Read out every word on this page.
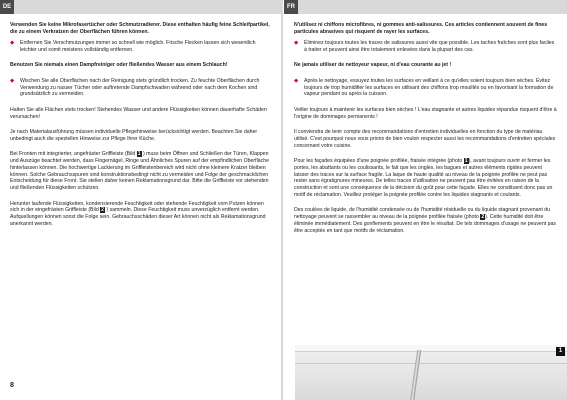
DE

Verwenden Sie keine Mikrofasertücher oder Schmutzradierer. Diese enthalten häufig feine Schleifpartikel, die zu einem Verkratzen der Oberflächen führen können.

◆ Entfernen Sie Verschmutzungen immer so schnell wie möglich. Frische Flecken lassen sich wesentlich leichter und somit meistens vollständig entfernen.

Benutzen Sie niemals einen Dampfreiniger oder fließendes Wasser aus einem Schlauch!

◆ Wischen Sie alle Oberflächen nach der Reinigung stets gründlich trocken. Zu feuchte Oberflächen durch Verwendung zu nasser Tücher oder auftretende Dampfschwaden während oder nach dem Kochen sind grundsätzlich zu vermeiden.

Halten Sie alle Flächen stets trocken! Stehendes Wasser und andere Flüssigkeiten können dauerhafte Schäden verursachen!

Je nach Materialausführung müssen individuelle Pflegehinweise berücksichtigt werden. Beachten Sie daher unbedingt auch die speziellen Hinweise zur Pflege Ihrer Küche.

Bei Fronten mit integrierter, angefräster Griffleiste (Bild 1 ) muss beim Öffnen und Schließen der Türen, Klappen und Auszüge beachtet werden, dass Fingernägel, Ringe und Ähnliches Spuren auf der empfindlichen Oberfläche hinterlassen können. Die hochwertige Lackierung im Griffleistenbereich wird nicht ohne kleinere Kratzer bleiben können. Solche Gebrauchsspuren sind konstruktionsbedingt nicht zu vermeiden und Folge der geschmacklichen Entscheidung für diese Front. Sie stellen daher keinen Reklamationsgrund dar. Bitte die Griffleiste vor stehenden und fließenden Flüssigkeiten schützen.

Herunter laufende Flüssigkeiten, kondensierende Feuchtigkeit oder stehende Feuchtigkeit vom Putzen können sich in der eingefrästen Griffleiste (Bild 2 ) sammeln. Diese Feuchtigkeit muss unverzüglich entfernt werden. Aufquellungen können sonst die Folge sein. Gebrauchsschäden dieser Art können nicht als Reklamationsgrund anerkannt werden.

8
FR

N'utilisez ni chiffons microfibres, ni gommes anti-salissures. Ces articles contiennent souvent de fines particules abrasives qui risquent de rayer les surfaces.

◆ Éliminez toujours toutes les traces de salissures aussi vite que possible. Les taches fraîches sont plus faciles à traiter et peuvent ainsi être totalement enlevées dans la plupart des cas.

Ne jamais utiliser de nettoyeur vapeur, ni d'eau courante au jet !

◆ Après le nettoyage, essuyez toutes les surfaces en veillant à ce qu'elles soient toujours bien sèches. Évitez toujours de trop humidifier les surfaces en utilisant des chiffons trop mouillés ou en favorisant la formation de vapeur pendant ou après la cuisson.

Veiller toujours à maintenir les surfaces bien sèches ! L'eau stagnante et autres liquides répandus risquent d'être à l'origine de dommages permanents !

Il conviendra de tenir compte des recommandations d'entretien individuelles en fonction du type de matériau utilisé. C'est pourquoi nous vous prions de bien vouloir respecter aussi les recommandations d'entretien spéciales concernant votre cuisine.

Pour les façades équipées d'une poignée profilée, fraisée intégrée (photo 1), avant toujours ouvrir et fermer les portes, les abattants ou les coulissants, le fait que les ongles, les bagues et autres éléments rigides peuvent laisser des traces sur la surface fragile. La laque de haute qualité au niveau de la poignée profilée ne peut pas rester sans égratignures mineures. De telles traces d'utilisation ne peuvent pas être évitées en raison de la construction et sont une conséquence de la décision du goût pour cette façade. Elles ne constituent donc pas un motif de réclamation. Veuillez protéger la poignée profilée contre les liquides stagnants et coulants.

Des coulées de liquide, de l'humidité condensée ou de l'humidité résiduelle ou du liquide stagnant provenant du nettoyage peuvent se rassembler au niveau de la poignée profilée fraisée (photo 2). Cette humidité doit être éliminée immédiatement. Des gonflements peuvent en être le résultat. De tels dommages d'usage ne peuvent pas être acceptés en tant que motifs de réclamation.

1
